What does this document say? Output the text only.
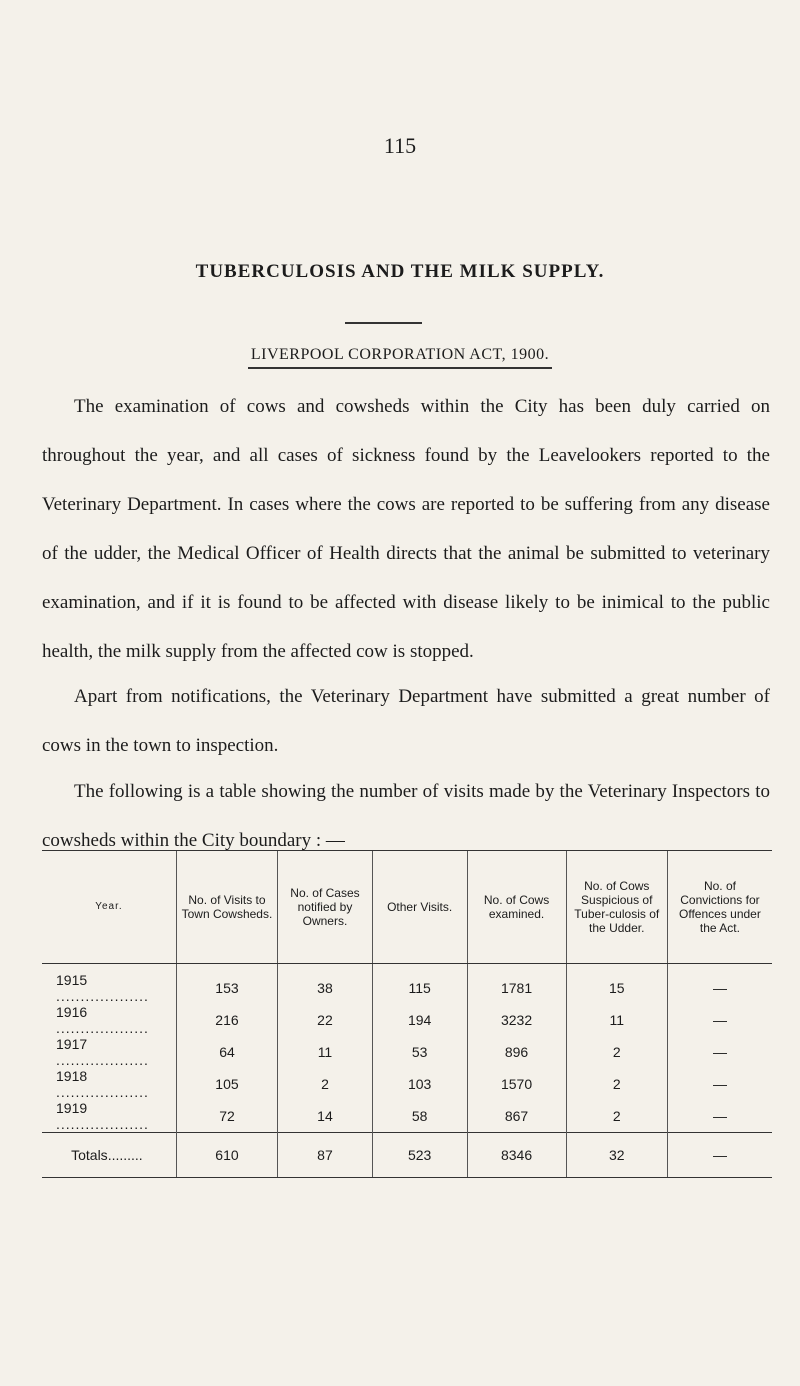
115
TUBERCULOSIS AND THE MILK SUPPLY.
LIVERPOOL CORPORATION ACT, 1900.

The examination of cows and cowsheds within the City has been duly carried on throughout the year, and all cases of sickness found by the Leavelookers reported to the Veterinary Department. In cases where the cows are reported to be suffering from any disease of the udder, the Medical Officer of Health directs that the animal be submitted to veterinary examination, and if it is found to be affected with disease likely to be inimical to the public health, the milk supply from the affected cow is stopped.

Apart from notifications, the Veterinary Department have submitted a great number of cows in the town to inspection.

The following is a table showing the number of visits made by the Veterinary Inspectors to cowsheds within the City boundary : —

Year.	No. of Visits to Town Cowsheds.	No. of Cases notified by Owners.	Other Visits.	No. of Cows examined.	No. of Cows Suspicious of Tuber-culosis of the Udder.	No. of Convictions for Offences under the Act.
1915 .....	153	38	115	1781	15	—
1916 .....	216	22	194	3232	11	—
1917 .....	64	11	53	896	2	—
1918 .....	105	2	103	1570	2	—
1919 .....	72	14	58	867	2	—
Totals .....	610	87	523	8346	32	—
